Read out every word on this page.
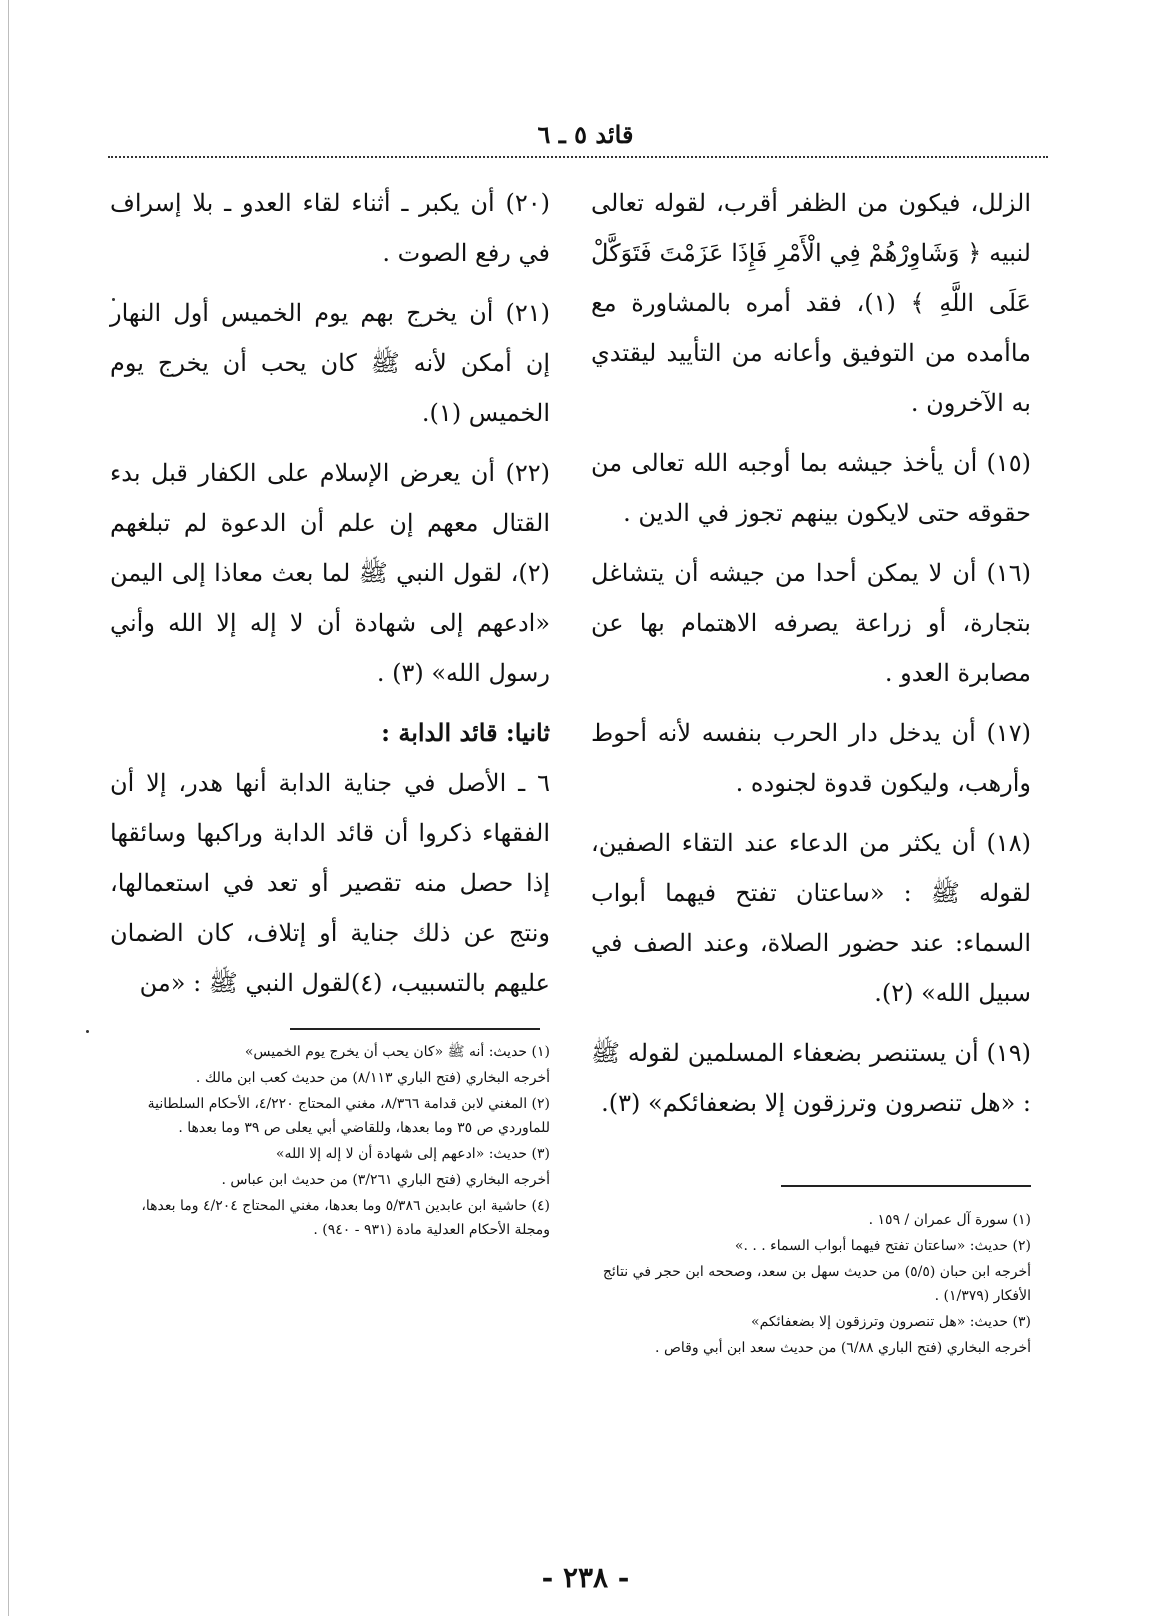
قائد ٥ ـ ٦

الزلل، فيكون من الظفر أقرب، لقوله تعالى لنبيه ﴿ وَشَاوِرْهُمْ فِي الْأَمْرِ فَإِذَا عَزَمْتَ فَتَوَكَّلْ عَلَى اللَّهِ ﴾ (١)، فقد أمره بالمشاورة مع ماأمده من التوفيق وأعانه من التأييد ليقتدي به الآخرون .

(١٥) أن يأخذ جيشه بما أوجبه الله تعالى من حقوقه حتى لايكون بينهم تجوز في الدين .

(١٦) أن لا يمكن أحدا من جيشه أن يتشاغل بتجارة، أو زراعة يصرفه الاهتمام بها عن مصابرة العدو .

(١٧) أن يدخل دار الحرب بنفسه لأنه أحوط وأرهب، وليكون قدوة لجنوده .

(١٨) أن يكثر من الدعاء عند التقاء الصفين، لقوله ﷺ : «ساعتان تفتح فيهما أبواب السماء: عند حضور الصلاة، وعند الصف في سبيل الله» (٢).

(١٩) أن يستنصر بضعفاء المسلمين لقوله ﷺ : «هل تنصرون وترزقون إلا بضعفائكم» (٣).

(٢٠) أن يكبر ـ أثناء لقاء العدو ـ بلا إسراف في رفع الصوت .

(٢١) أن يخرج بهم يوم الخميس أول النهار إن أمكن لأنه ﷺ كان يحب أن يخرج يوم الخميس (١).

(٢٢) أن يعرض الإسلام على الكفار قبل بدء القتال معهم إن علم أن الدعوة لم تبلغهم (٢)، لقول النبي ﷺ لما بعث معاذا إلى اليمن «ادعهم إلى شهادة أن لا إله إلا الله وأني رسول الله» (٣) .

ثانيا: قائد الدابة :

٦ ـ الأصل في جناية الدابة أنها هدر، إلا أن الفقهاء ذكروا أن قائد الدابة وراكبها وسائقها إذا حصل منه تقصير أو تعد في استعمالها، ونتج عن ذلك جناية أو إتلاف، كان الضمان عليهم بالتسبيب، (٤)لقول النبي ﷺ : «من

(١) سورة آل عمران / ١٥٩ .

(٢) حديث: «ساعتان تفتح فيهما أبواب السماء . . .»

أخرجه ابن حبان (٥/٥) من حديث سهل بن سعد، وصححه ابن حجر في نتائج الأفكار (١/٣٧٩) .

(٣) حديث: «هل تنصرون وترزقون إلا بضعفائكم»

أخرجه البخاري (فتح الباري ٦/٨٨) من حديث سعد ابن أبي وقاص .

(١) حديث: أنه ﷺ «كان يحب أن يخرج يوم الخميس»

أخرجه البخاري (فتح الباري ٨/١١٣) من حديث كعب ابن مالك .

(٢) المغني لابن قدامة ٨/٣٦٦، مغني المحتاج ٤/٢٢٠، الأحكام السلطانية للماوردي ص ٣٥ وما بعدها، وللقاضي أبي يعلى ص ٣٩ وما بعدها .

(٣) حديث: «ادعهم إلى شهادة أن لا إله إلا الله»

أخرجه البخاري (فتح الباري ٣/٢٦١) من حديث ابن عباس .

(٤) حاشية ابن عابدين ٥/٣٨٦ وما بعدها، مغني المحتاج ٤/٢٠٤ وما بعدها، ومجلة الأحكام العدلية مادة (٩٣١ - ٩٤٠) .

- ٢٣٨ -
